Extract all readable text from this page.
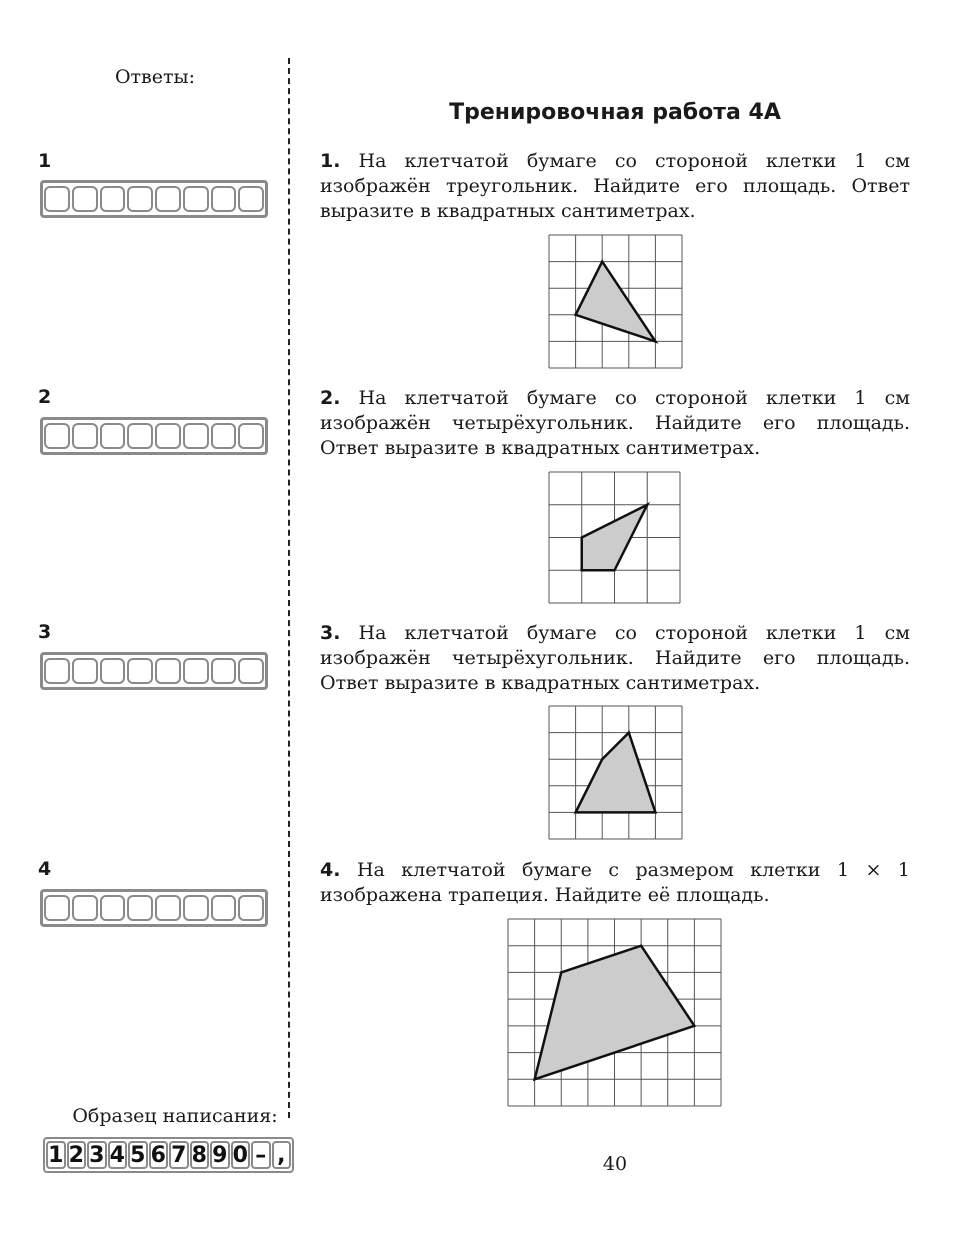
Ответы:
1
2
3
4
Тренировочная работа 4А

1. На клетчатой бумаге со стороной клетки 1 см изображён треугольник. Найдите его площадь. Ответ выразите в квадратных сантиметрах.

2. На клетчатой бумаге со стороной клетки 1 см изображён четырёхугольник. Найдите его площадь. Ответ выразите в квадратных сантиметрах.

3. На клетчатой бумаге со стороной клетки 1 см изображён четырёхугольник. Найдите его площадь. Ответ выразите в квадратных сантиметрах.

4. На клетчатой бумаге с размером клетки 1 × 1 изображена трапеция. Найдите её площадь.

Образец написания:
1 2 3 4 5 6 7 8 9 0 – ,	40
